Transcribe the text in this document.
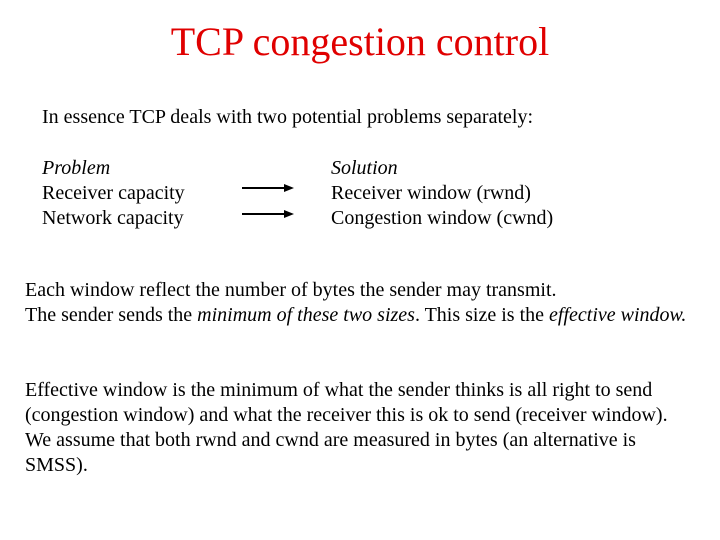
TCP congestion control
In essence TCP deals with two potential problems separately:
Problem
Receiver capacity
Network capacity
Solution
Receiver window (rwnd)
Congestion window (cwnd)

Each window reflect the number of bytes the sender may transmit.

The sender sends the minimum of these two sizes. This size is the effective window.

Effective window is the minimum of what the sender thinks is all right to send (congestion window) and what the receiver this is ok to send (receiver window).

We assume that both rwnd and cwnd are measured in bytes (an alternative is SMSS).
